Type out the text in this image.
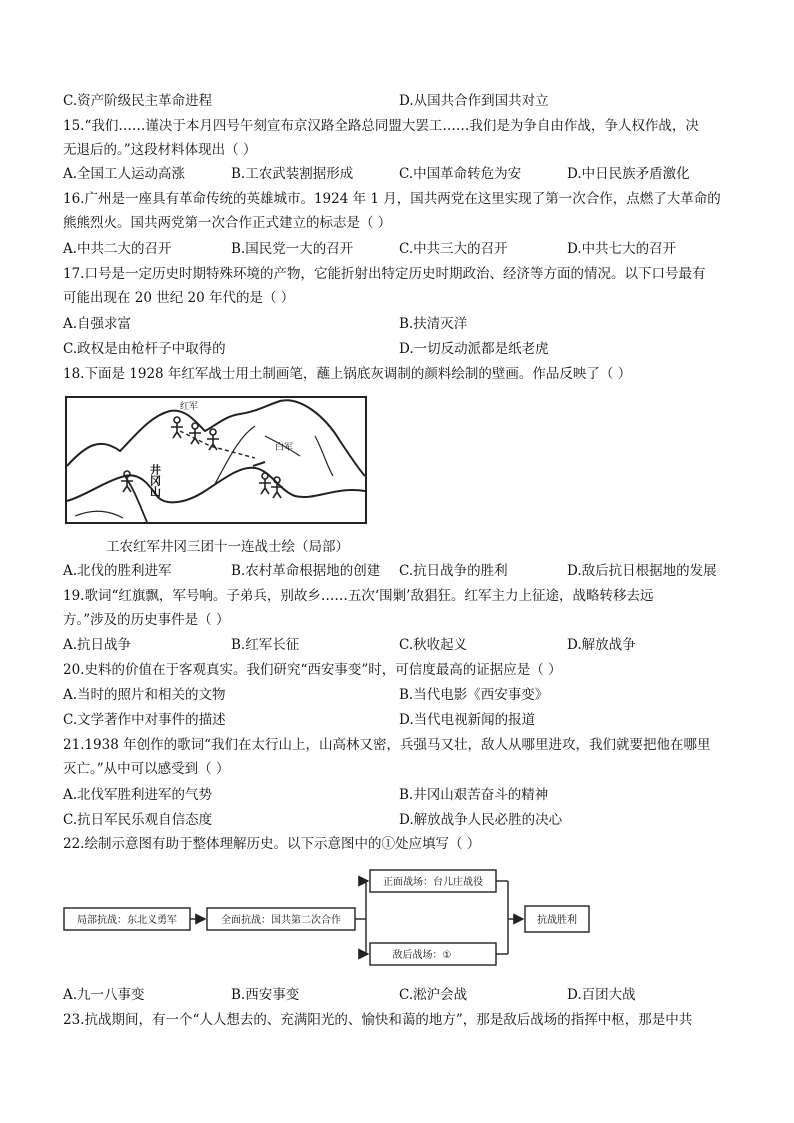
C.资产阶级民主革命进程	D.从国共合作到国共对立
15.“我们……谨决于本月四号午刻宣布京汉路全路总同盟大罢工……我们是为争自由作战，争人权作战，决
无退后的。”这段材料体现出（ ）
A.全国工人运动高涨	B.工农武装割据形成	C.中国革命转危为安	D.中日民族矛盾激化
16.广州是一座具有革命传统的英雄城市。1924 年 1 月，国共两党在这里实现了第一次合作，点燃了大革命的
熊熊烈火。国共两党第一次合作正式建立的标志是（ ）
A.中共二大的召开	B.国民党一大的召开	C.中共三大的召开	D.中共七大的召开
17.口号是一定历史时期特殊环境的产物，它能折射出特定历史时期政治、经济等方面的情况。以下口号最有
可能出现在 20 世纪 20 年代的是（ ）
A.自强求富	B.扶清灭洋
C.政权是由枪杆子中取得的	D.一切反动派都是纸老虎
18.下面是 1928 年红军战士用土制画笔，蘸上锅底灰调制的颜料绘制的壁画。作品反映了（ ）
红军
白军
井冈山
工农红军井冈三团十一连战士绘（局部）
A.北伐的胜利进军	B.农村革命根据地的创建 C.抗日战争的胜利	D.敌后抗日根据地的发展
19.歌词“红旗飘，军号响。子弟兵，别故乡……五次‘围剿’敌猖狂。红军主力上征途，战略转移去远
方。”涉及的历史事件是（ ）
A.抗日战争	B.红军长征	C.秋收起义	D.解放战争
20.史料的价值在于客观真实。我们研究“西安事变”时，可信度最高的证据应是（ ）
A.当时的照片和相关的文物	B.当代电影《西安事变》
C.文学著作中对事件的描述	D.当代电视新闻的报道
21.1938 年创作的歌词“我们在太行山上，山高林又密，兵强马又壮，敌人从哪里进攻，我们就要把他在哪里
灭亡。”从中可以感受到（ ）
A.北伐军胜利进军的气势	B.井冈山艰苦奋斗的精神
C.抗日军民乐观自信态度	D.解放战争人民必胜的决心
22.绘制示意图有助于整体理解历史。以下示意图中的①处应填写（ ）
局部抗战：东北义勇军	全面抗战：国共第二次合作
正面战场：台儿庄战役
敌后战场：①
抗战胜利
A.九一八事变	B.西安事变	C.淞沪会战	D.百团大战
23.抗战期间，有一个“人人想去的、充满阳光的、愉快和蔼的地方”，那是敌后战场的指挥中枢，那是中共
